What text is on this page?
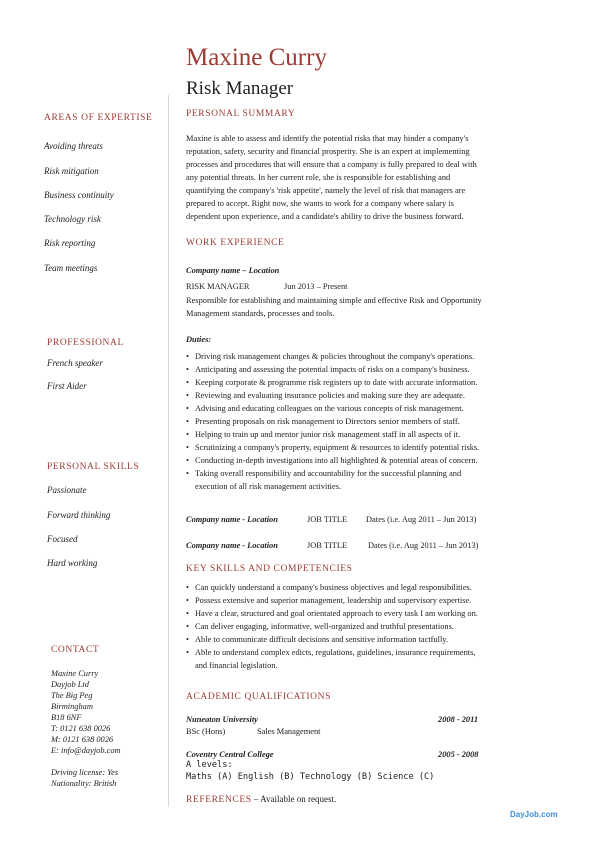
Maxine Curry
Risk Manager
AREAS OF EXPERTISE
Avoiding threats
Risk mitigation
Business continuity
Technology risk
Risk reporting
Team meetings
PROFESSIONAL
French speaker
First Aider
PERSONAL SKILLS
Passionate
Forward thinking
Focused
Hard working
CONTACT
Maxine Curry
Dayjob Ltd
The Big Peg
Birmingham
B18 6NF
T: 0121 638 0026
M: 0121 638 0026
E: info@dayjob.com
Driving license: Yes
Nationality: British
PERSONAL SUMMARY
Maxine is able to assess and identify the potential risks that may hinder a company's
reputation, safety, security and financial prosperity. She is an expert at implementing
processes and procedures that will ensure that a company is fully prepared to deal with
any potential threats. In her current role, she is responsible for establishing and
quantifying the company's 'risk appetite', namely the level of risk that managers are
prepared to accept. Right now, she wants to work for a company where salary is
dependent upon experience, and a candidate's ability to drive the business forward.
WORK EXPERIENCE
Company name – Location
RISK MANAGER	Jun 2013 – Present
Responsible for establishing and maintaining simple and effective Risk and Opportunity
Management standards, processes and tools.
Duties:
• Driving risk management changes & policies throughout the company's operations.
• Anticipating and assessing the potential impacts of risks on a company's business.
• Keeping corporate & programme risk registers up to date with accurate information.
• Reviewing and evaluating insurance policies and making sure they are adequate.
• Advising and educating colleagues on the various concepts of risk management.
• Presenting proposals on risk management to Directors senior members of staff.
• Helping to train up and mentor junior risk management staff in all aspects of it.
• Scrutinizing a company's property, equipment & resources to identify potential risks.
• Conducting in-depth investigations into all highlighted & potential areas of concern.
• Taking overall responsibility and accountability for the successful planning and
execution of all risk management activities.
Company name - Location	JOB TITLE Dates (i.e. Aug 2011 – Jun 2013)
Company name - Location	JOB TITLE Dates (i.e. Aug 2011 – Jun 2013)
KEY SKILLS AND COMPETENCIES
• Can quickly understand a company's business objectives and legal responsibilities.
• Possess extensive and superior management, leadership and supervisory expertise.
• Have a clear, structured and goal orientated approach to every task I am working on.
• Can deliver engaging, informative, well-organized and truthful presentations.
• Able to communicate difficult decisions and sensitive information tactfully.
• Able to understand complex edicts, regulations, guidelines, insurance requirements,
and financial legislation.
ACADEMIC QUALIFICATIONS
Nuneaton University	2008 - 2011
BSc (Hons)	Sales Management
Coventry Central College	2005 - 2008
A levels:
Maths (A) English (B) Technology (B) Science (C)
REFERENCES – Available on request.
DayJob.com
